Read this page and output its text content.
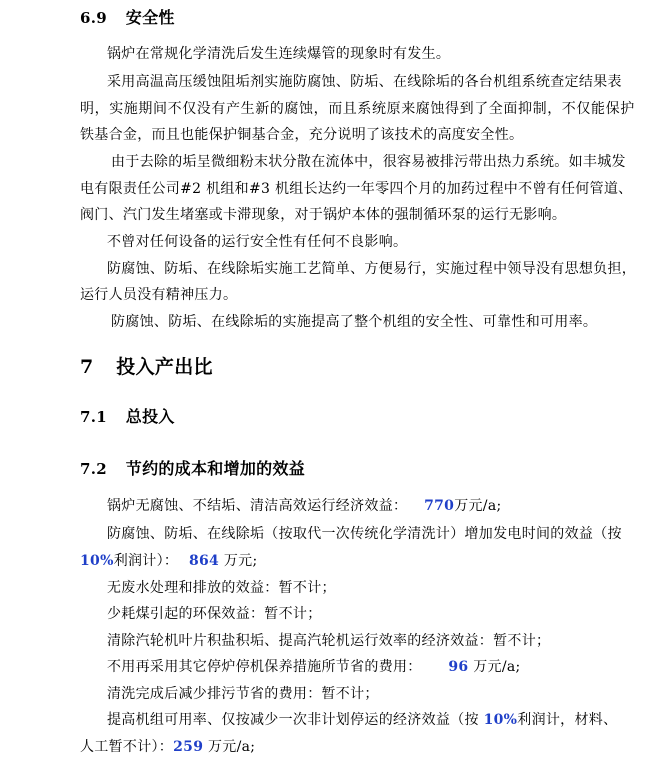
6.9 安全性
锅炉在常规化学清洗后发生连续爆管的现象时有发生。
采用高温高压缓蚀阻垢剂实施防腐蚀、防垢、在线除垢的各台机组系统查定结果表
明，实施期间不仅没有产生新的腐蚀，而且系统原来腐蚀得到了全面抑制，不仅能保护
铁基合金，而且也能保护铜基合金，充分说明了该技术的高度安全性。
由于去除的垢呈微细粉末状分散在流体中，很容易被排污带出热力系统。如丰城发
电有限责任公司#2 机组和#3 机组长达约一年零四个月的加药过程中不曾有任何管道、
阀门、汽门发生堵塞或卡滞现象，对于锅炉本体的强制循环泵的运行无影响。
不曾对任何设备的运行安全性有任何不良影响。
防腐蚀、防垢、在线除垢实施工艺简单、方便易行，实施过程中领导没有思想负担，
运行人员没有精神压力。
防腐蚀、防垢、在线除垢的实施提高了整个机组的安全性、可靠性和可用率。
7 投入产出比
7.1 总投入
7.2 节约的成本和增加的效益
锅炉无腐蚀、不结垢、清洁高效运行经济效益： 770万元/a;
防腐蚀、防垢、在线除垢（按取代一次传统化学清洗计）增加发电时间的效益（按
10%利润计）： 864 万元;
无废水处理和排放的效益：暂不计；
少耗煤引起的环保效益：暂不计；
清除汽轮机叶片积盐积垢、提高汽轮机运行效率的经济效益：暂不计；
不用再采用其它停炉停机保养措施所节省的费用： 96 万元/a;
清洗完成后减少排污节省的费用：暂不计；
提高机组可用率、仅按减少一次非计划停运的经济效益（按 10%利润计，材料、
人工暂不计）：259 万元/a;
